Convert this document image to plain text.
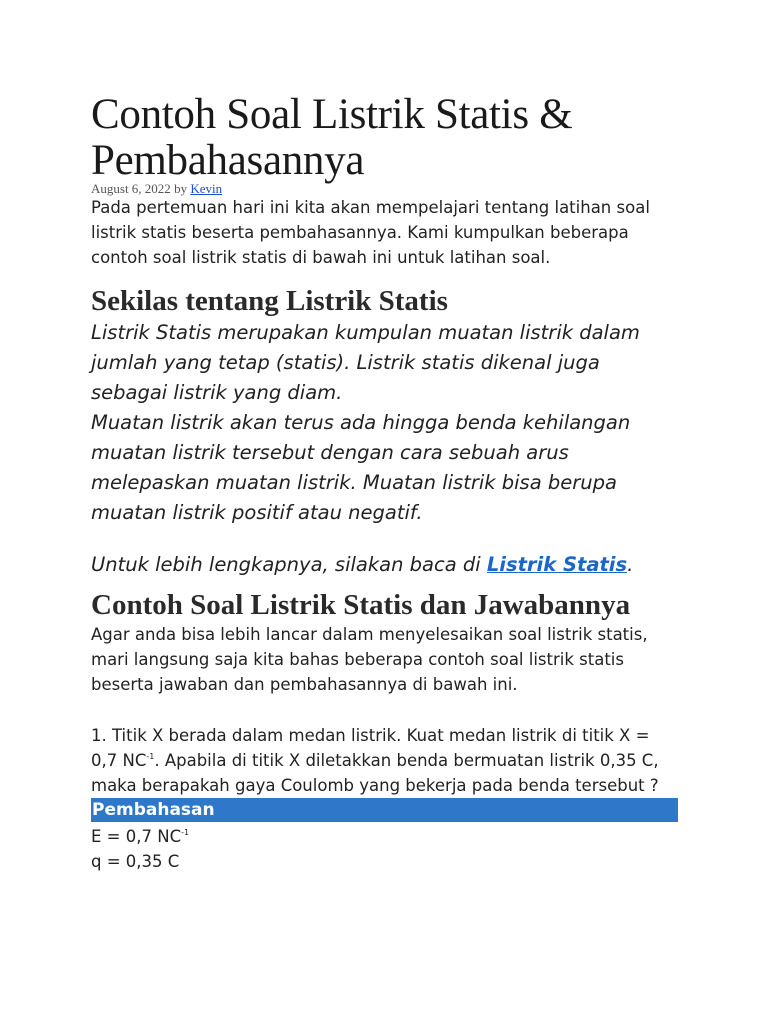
Contoh Soal Listrik Statis & Pembahasannya
August 6, 2022 by Kevin

Pada pertemuan hari ini kita akan mempelajari tentang latihan soal listrik statis beserta pembahasannya. Kami kumpulkan beberapa contoh soal listrik statis di bawah ini untuk latihan soal.

Sekilas tentang Listrik Statis

Listrik Statis merupakan kumpulan muatan listrik dalam jumlah yang tetap (statis). Listrik statis dikenal juga sebagai listrik yang diam.

Muatan listrik akan terus ada hingga benda kehilangan muatan listrik tersebut dengan cara sebuah arus melepaskan muatan listrik. Muatan listrik bisa berupa muatan listrik positif atau negatif.

Untuk lebih lengkapnya, silakan baca di Listrik Statis.

Contoh Soal Listrik Statis dan Jawabannya

Agar anda bisa lebih lancar dalam menyelesaikan soal listrik statis, mari langsung saja kita bahas beberapa contoh soal listrik statis beserta jawaban dan pembahasannya di bawah ini.

1. Titik X berada dalam medan listrik. Kuat medan listrik di titik X = 0,7 $NC^{-1}$. Apabila di titik X diletakkan benda bermuatan listrik 0,35 C, maka berapakah gaya Coulomb yang bekerja pada benda tersebut ?

Pembahasan

E = 0,7 $NC^{-1}$

q = 0,35 C
